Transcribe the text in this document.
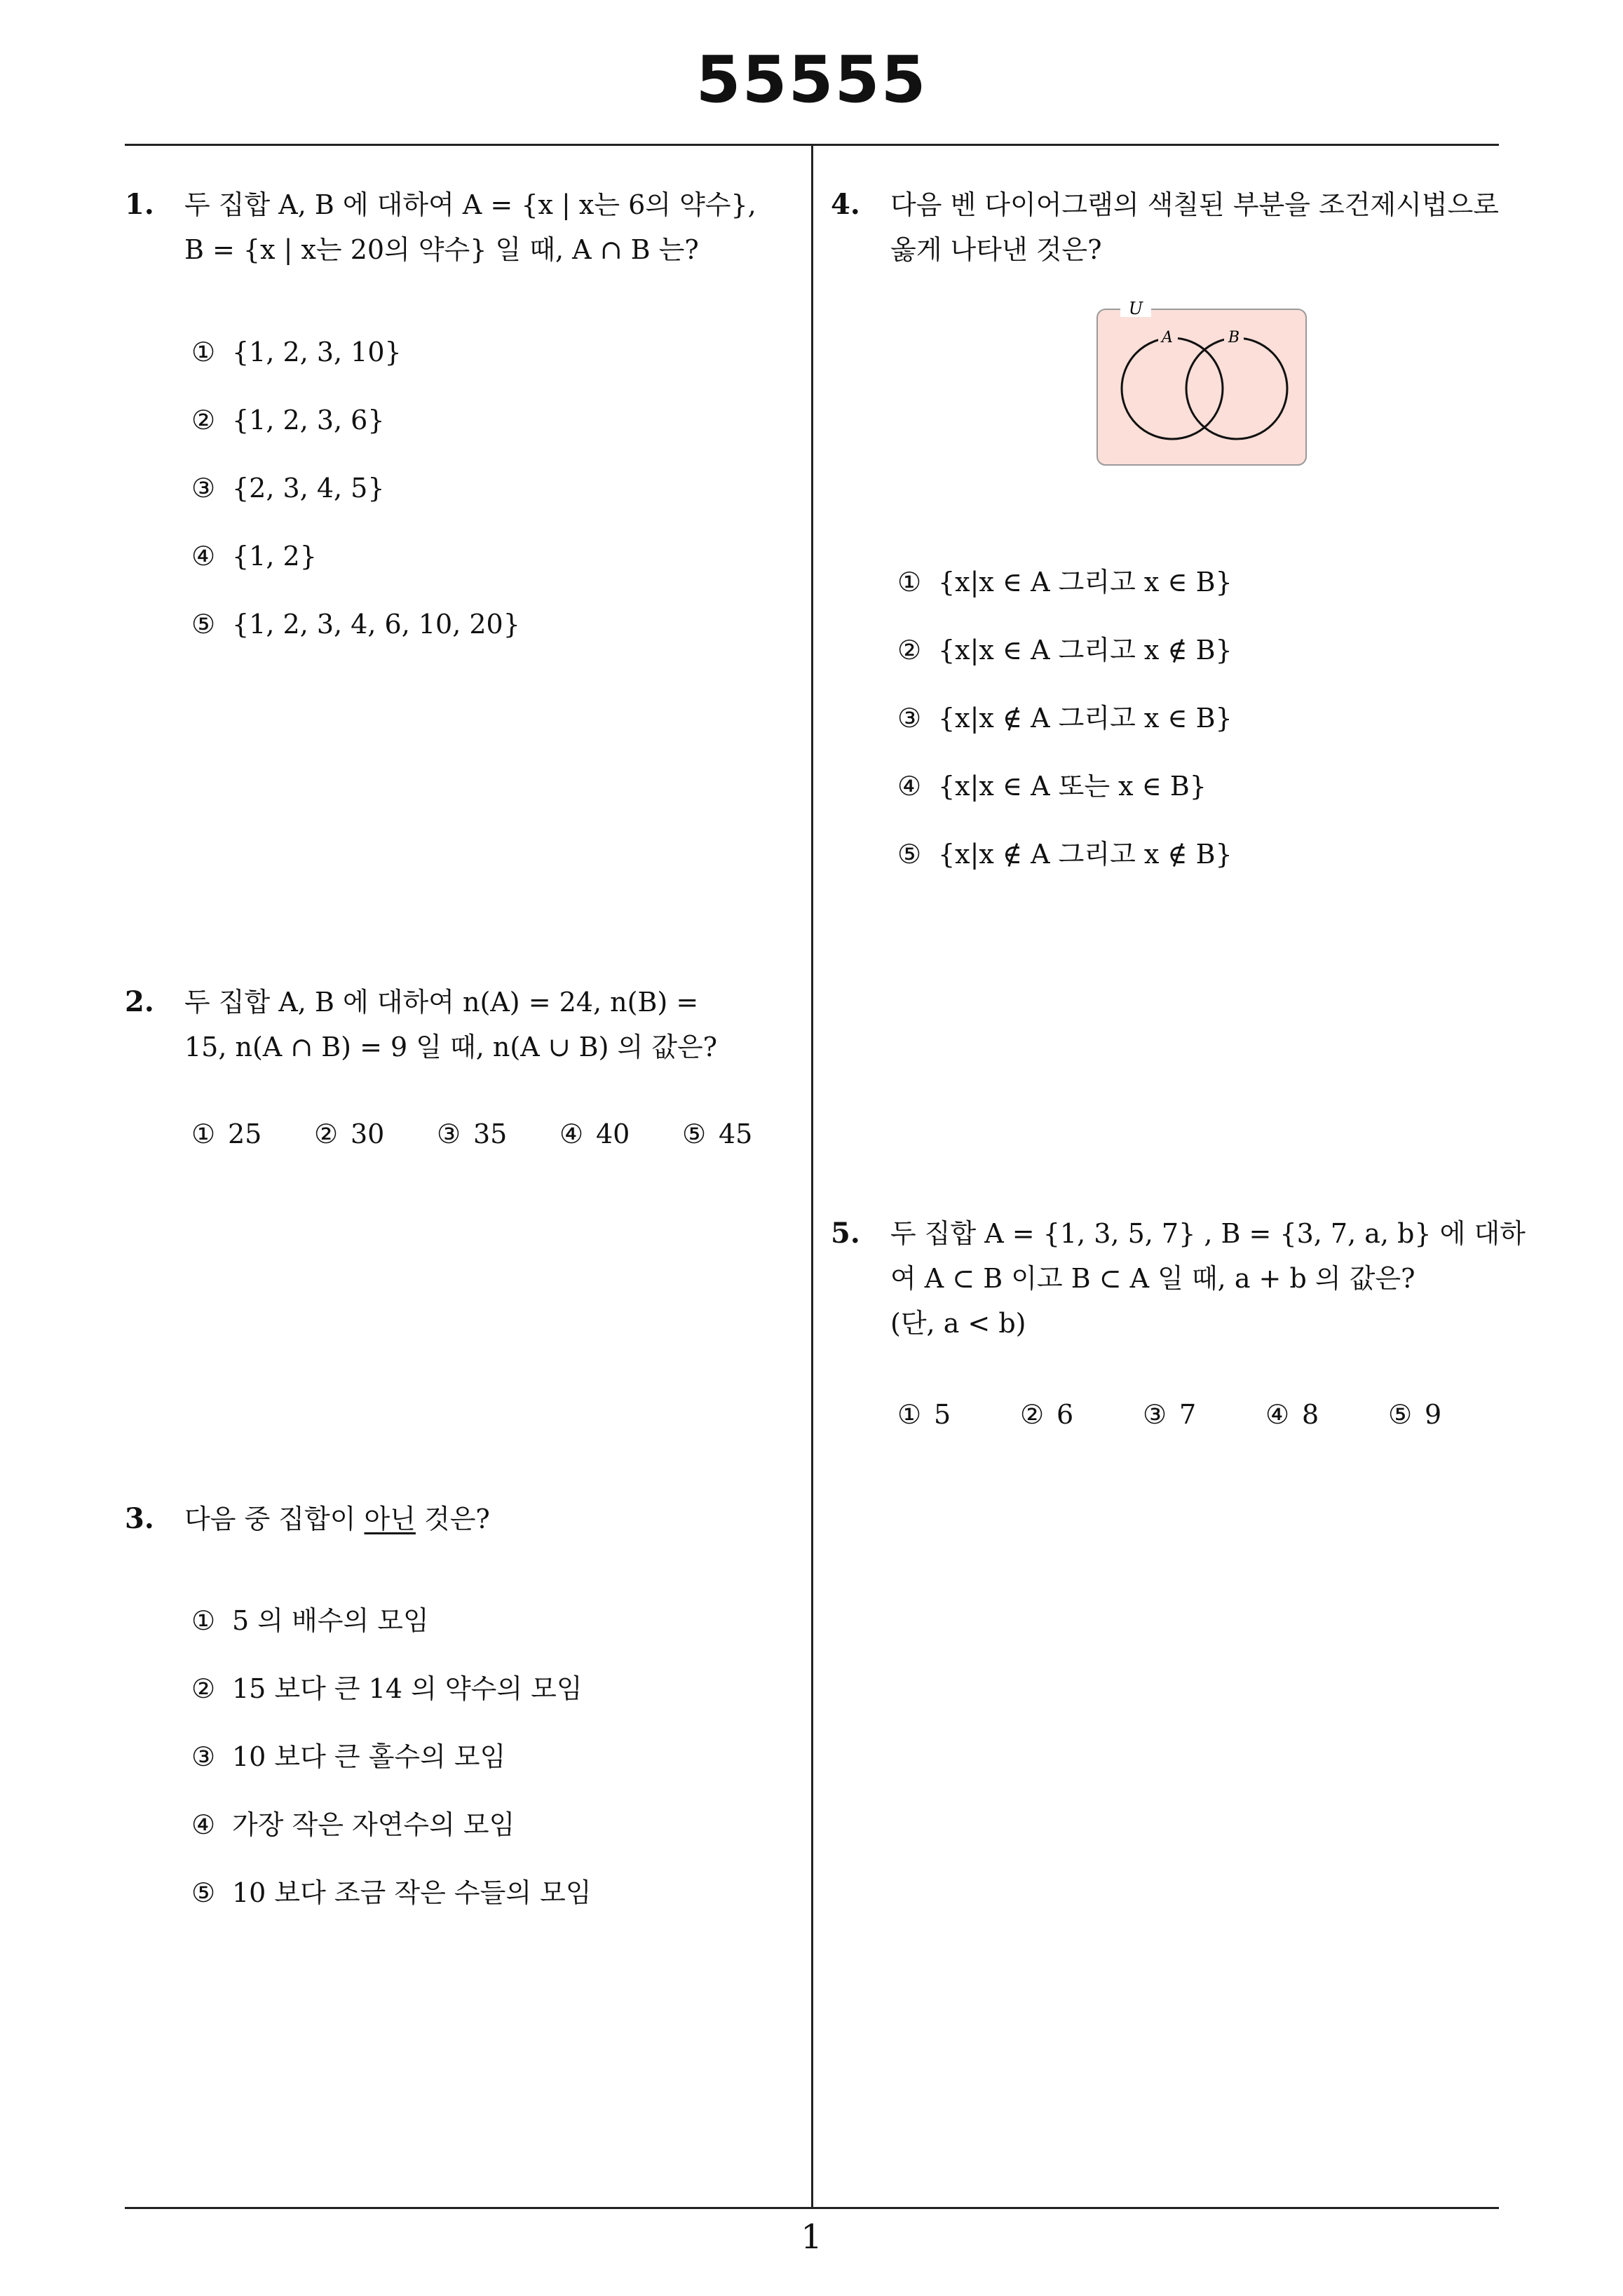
55555
1. 두 집합 A, B 에 대하여 A = {x | x는 6의 약수},
B = {x | x는 20의 약수} 일 때, A ∩ B 는?
① {1, 2, 3, 10}
② {1, 2, 3, 6}
③ {2, 3, 4, 5}
④ {1, 2}
⑤ {1, 2, 3, 4, 6, 10, 20}
2. 두 집합 A, B 에 대하여 n(A) = 24, n(B) =
15, n(A ∩ B) = 9 일 때, n(A ∪ B) 의 값은?
① 25 ② 30 ③ 35 ④ 40 ⑤ 45
3. 다음 중 집합이 아닌 것은?
① 5 의 배수의 모임
② 15 보다 큰 14 의 약수의 모임
③ 10 보다 큰 홀수의 모임
④ 가장 작은 자연수의 모임
⑤ 10 보다 조금 작은 수들의 모임
4. 다음 벤 다이어그램의 색칠된 부분을 조건제시법으로
옳게 나타낸 것은?
U
A	B
① {x|x ∈ A 그리고 x ∈ B}
② {x|x ∈ A 그리고 x ∉ B}
③ {x|x ∉ A 그리고 x ∈ B}
④ {x|x ∈ A 또는 x ∈ B}
⑤ {x|x ∉ A 그리고 x ∉ B}
5. 두 집합 A = {1, 3, 5, 7} , B = {3, 7, a, b} 에 대하
여 A ⊂ B 이고 B ⊂ A 일 때, a + b 의 값은?
(단, a < b)
① 5	② 6	③ 7	④ 8	⑤ 9
1
